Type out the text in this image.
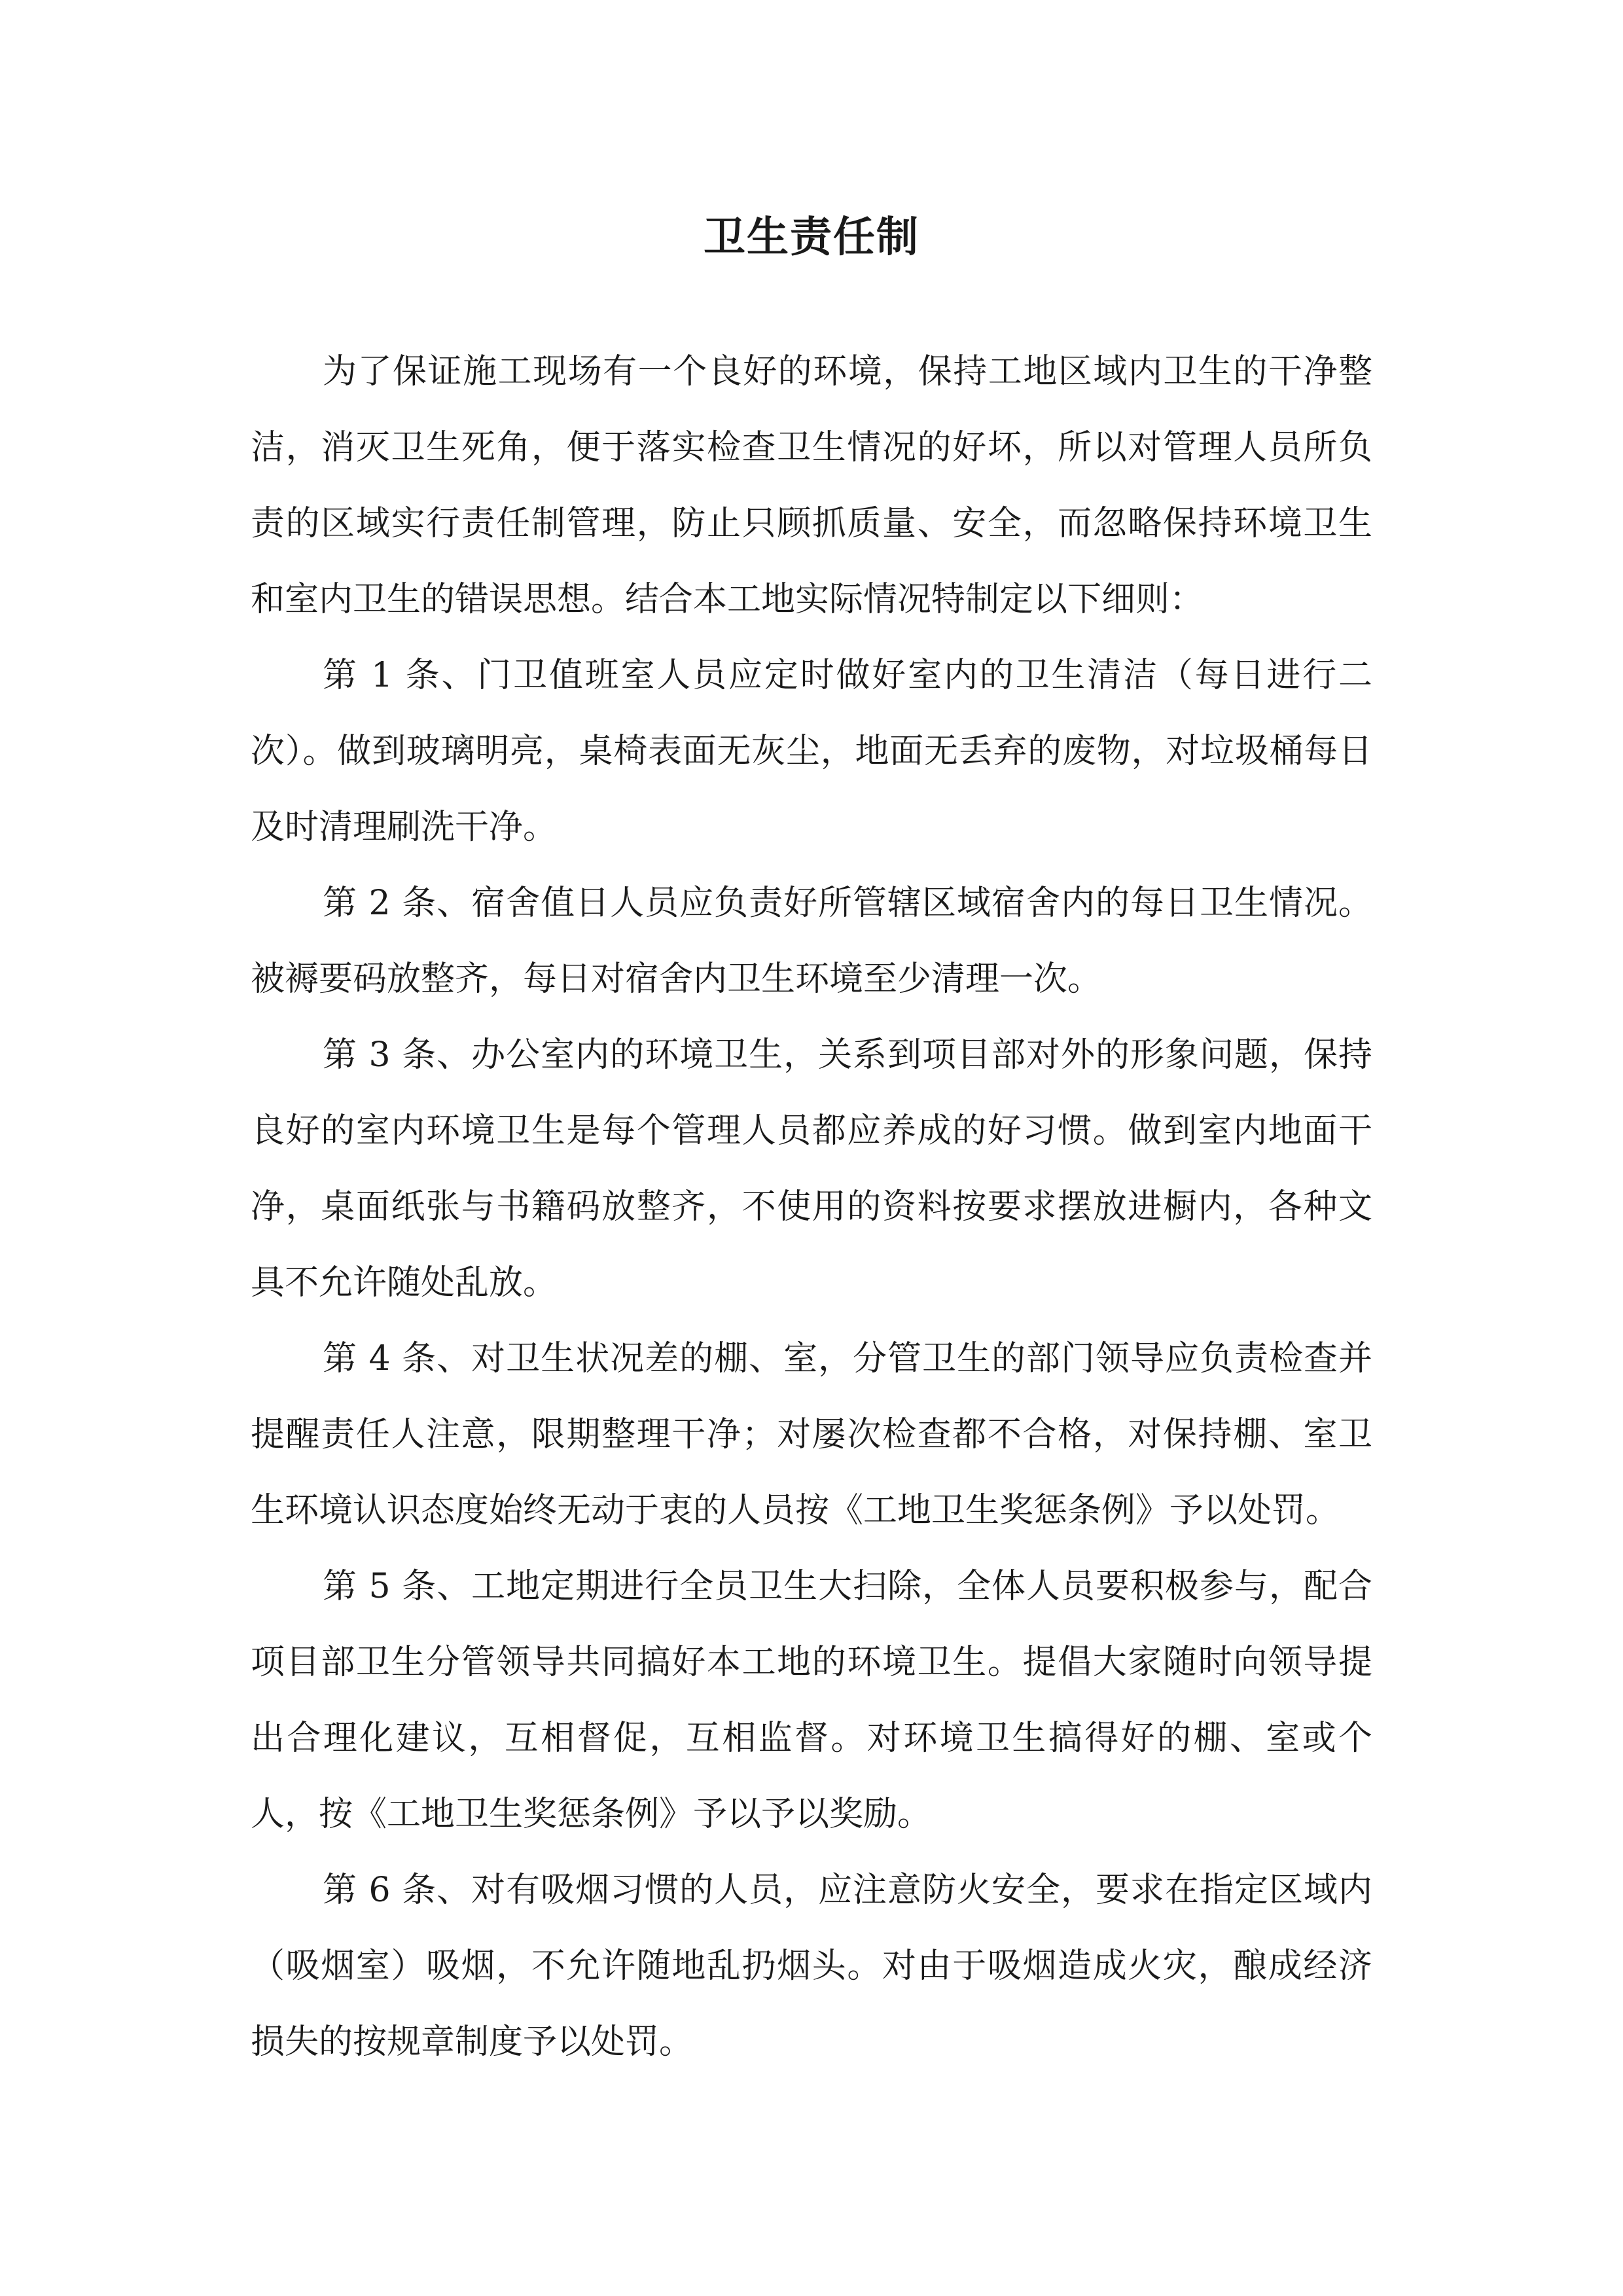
卫生责任制

为了保证施工现场有一个良好的环境，保持工地区域内卫生的干净整洁，消灭卫生死角，便于落实检查卫生情况的好坏，所以对管理人员所负责的区域实行责任制管理，防止只顾抓质量、安全，而忽略保持环境卫生和室内卫生的错误思想。结合本工地实际情况特制定以下细则：

第 1 条、门卫值班室人员应定时做好室内的卫生清洁（每日进行二次）。做到玻璃明亮，桌椅表面无灰尘，地面无丢弃的废物，对垃圾桶每日及时清理刷洗干净。

第 2 条、宿舍值日人员应负责好所管辖区域宿舍内的每日卫生情况。被褥要码放整齐，每日对宿舍内卫生环境至少清理一次。

第 3 条、办公室内的环境卫生，关系到项目部对外的形象问题，保持良好的室内环境卫生是每个管理人员都应养成的好习惯。做到室内地面干净，桌面纸张与书籍码放整齐，不使用的资料按要求摆放进橱内，各种文具不允许随处乱放。

第 4 条、对卫生状况差的棚、室，分管卫生的部门领导应负责检查并提醒责任人注意，限期整理干净；对屡次检查都不合格，对保持棚、室卫生环境认识态度始终无动于衷的人员按《工地卫生奖惩条例》予以处罚。

第 5 条、工地定期进行全员卫生大扫除，全体人员要积极参与，配合项目部卫生分管领导共同搞好本工地的环境卫生。提倡大家随时向领导提出合理化建议，互相督促，互相监督。对环境卫生搞得好的棚、室或个人，按《工地卫生奖惩条例》予以予以奖励。

第 6 条、对有吸烟习惯的人员，应注意防火安全，要求在指定区域内（吸烟室）吸烟，不允许随地乱扔烟头。对由于吸烟造成火灾，酿成经济损失的按规章制度予以处罚。
